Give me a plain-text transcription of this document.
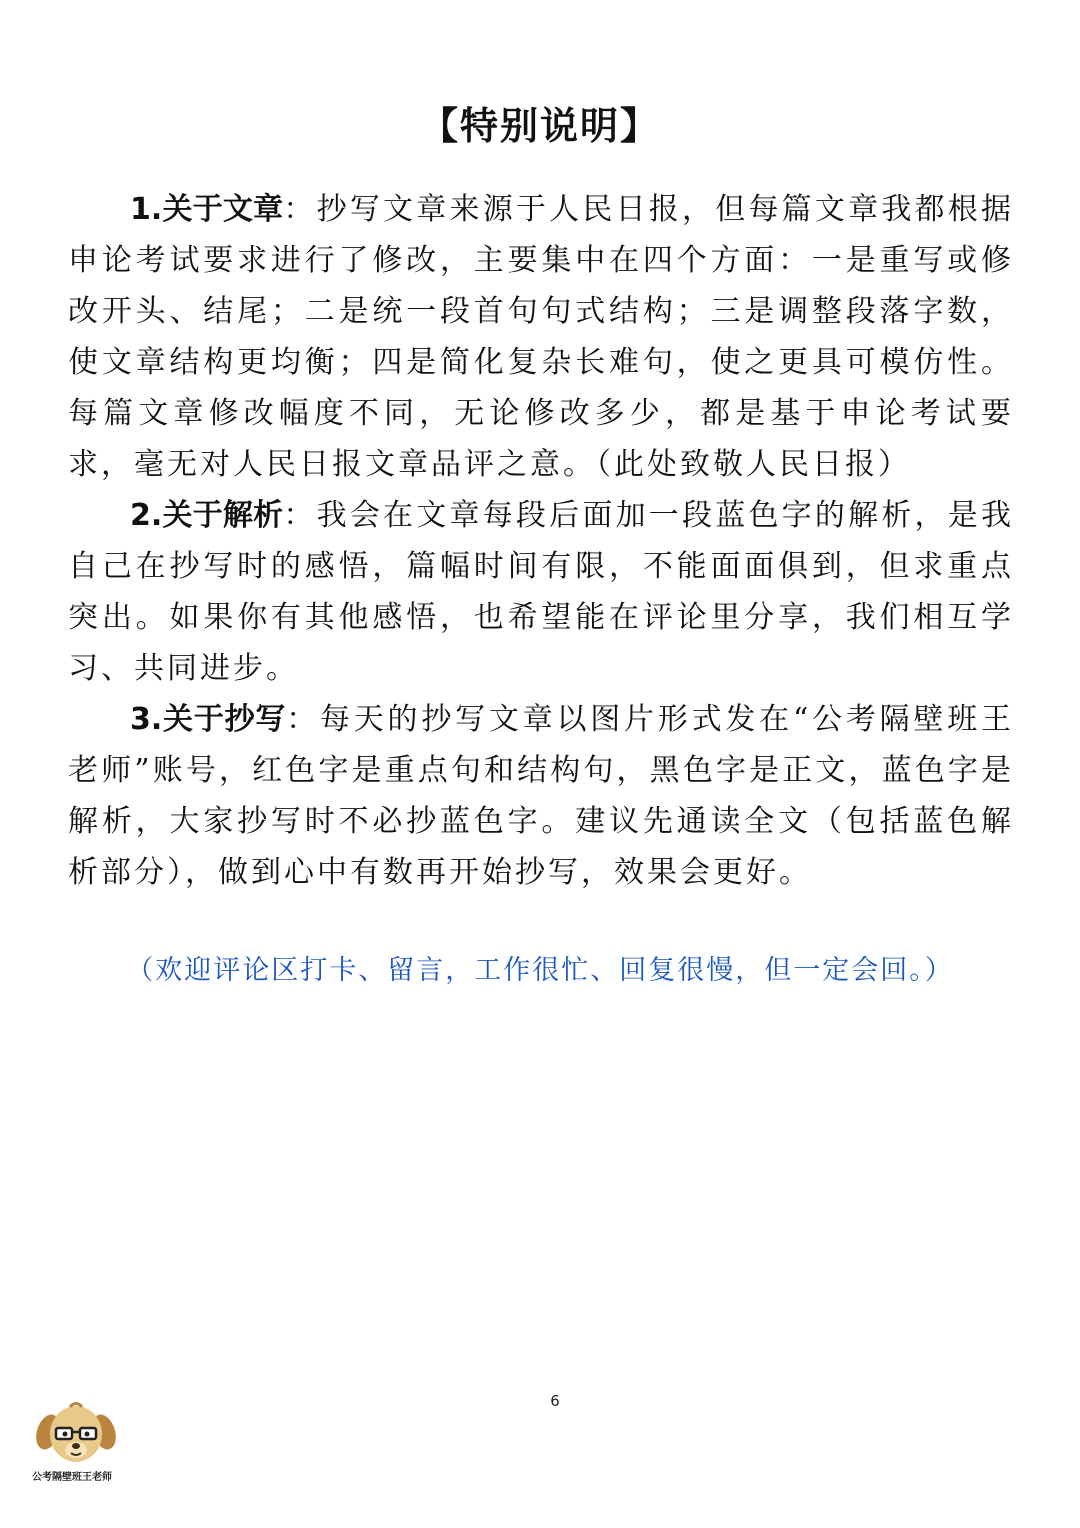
【特别说明】

1.关于文章：抄写文章来源于人民日报，但每篇文章我都根据申论考试要求进行了修改，主要集中在四个方面：一是重写或修改开头、结尾；二是统一段首句句式结构；三是调整段落字数，使文章结构更均衡；四是简化复杂长难句，使之更具可模仿性。每篇文章修改幅度不同，无论修改多少，都是基于申论考试要求，毫无对人民日报文章品评之意。（此处致敬人民日报）

2.关于解析：我会在文章每段后面加一段蓝色字的解析，是我自己在抄写时的感悟，篇幅时间有限，不能面面俱到，但求重点突出。如果你有其他感悟，也希望能在评论里分享，我们相互学习、共同进步。

3.关于抄写：每天的抄写文章以图片形式发在“公考隔壁班王老师”账号，红色字是重点句和结构句，黑色字是正文，蓝色字是解析，大家抄写时不必抄蓝色字。建议先通读全文（包括蓝色解析部分），做到心中有数再开始抄写，效果会更好。

（欢迎评论区打卡、留言，工作很忙、回复很慢，但一定会回。）
6
公考隔壁班王老师
